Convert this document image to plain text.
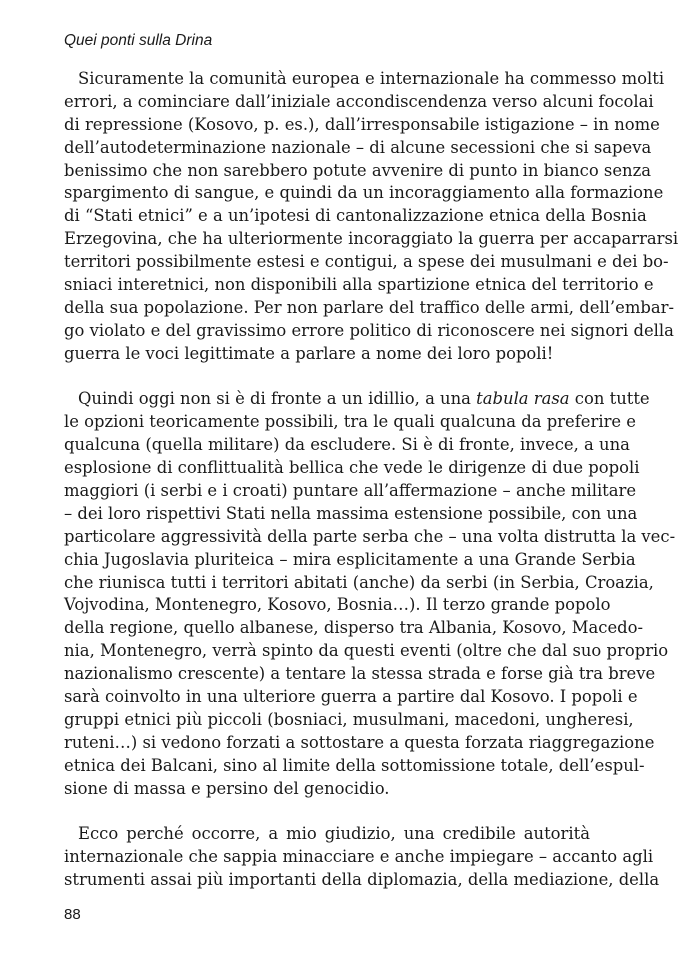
Quei ponti sulla Drina
Sicuramente la comunità europea e internazionale ha commesso molti
errori, a cominciare dall’iniziale accondiscendenza verso alcuni focolai
di repressione (Kosovo, p. es.), dall’irresponsabile istigazione – in nome
dell’autodeterminazione nazionale – di alcune secessioni che si sapeva
benissimo che non sarebbero potute avvenire di punto in bianco senza
spargimento di sangue, e quindi da un incoraggiamento alla formazione
di “Stati etnici” e a un’ipotesi di cantonalizzazione etnica della Bosnia
Erzegovina, che ha ulteriormente incoraggiato la guerra per accaparrarsi
territori possibilmente estesi e contigui, a spese dei musulmani e dei bo-
sniaci interetnici, non disponibili alla spartizione etnica del territorio e
della sua popolazione. Per non parlare del traffico delle armi, dell’embar-
go violato e del gravissimo errore politico di riconoscere nei signori della
guerra le voci legittimate a parlare a nome dei loro popoli!
Quindi oggi non si è di fronte a un idillio, a una tabula rasa con tutte
le opzioni teoricamente possibili, tra le quali qualcuna da preferire e
qualcuna (quella militare) da escludere. Si è di fronte, invece, a una
esplosione di conflittualità bellica che vede le dirigenze di due popoli
maggiori (i serbi e i croati) puntare all’affermazione – anche militare
– dei loro rispettivi Stati nella massima estensione possibile, con una
particolare aggressività della parte serba che – una volta distrutta la vec-
chia Jugoslavia pluriteica – mira esplicitamente a una Grande Serbia
che riunisca tutti i territori abitati (anche) da serbi (in Serbia, Croazia,
Vojvodina, Montenegro, Kosovo, Bosnia…). Il terzo grande popolo
della regione, quello albanese, disperso tra Albania, Kosovo, Macedo-
nia, Montenegro, verrà spinto da questi eventi (oltre che dal suo proprio
nazionalismo crescente) a tentare la stessa strada e forse già tra breve
sarà coinvolto in una ulteriore guerra a partire dal Kosovo. I popoli e
gruppi etnici più piccoli (bosniaci, musulmani, macedoni, ungheresi,
ruteni…) si vedono forzati a sottostare a questa forzata riaggregazione
etnica dei Balcani, sino al limite della sottomissione totale, dell’espul-
sione di massa e persino del genocidio.
Ecco perché occorre, a mio giudizio, una credibile autorità
internazionale che sappia minacciare e anche impiegare – accanto agli
strumenti assai più importanti della diplomazia, della mediazione, della
88
